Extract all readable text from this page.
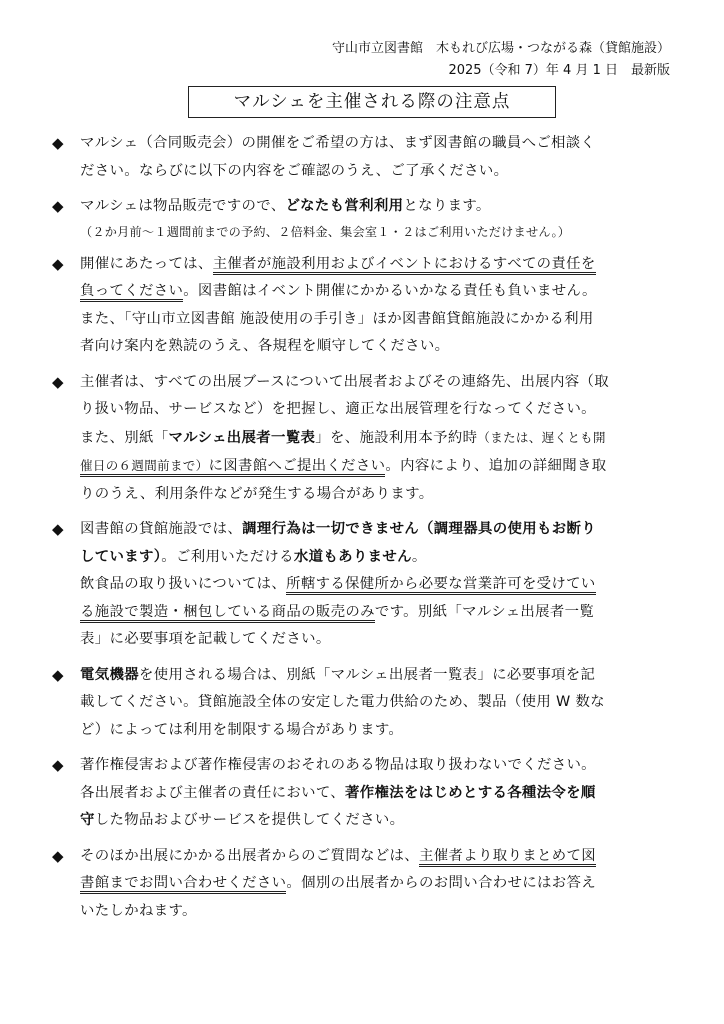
守山市立図書館　木もれび広場・つながる森（貸館施設）
2025（令和 7）年 4 月 1 日　最新版
マルシェを主催される際の注意点
◆ マルシェ（合同販売会）の開催をご希望の方は、まず図書館の職員へご相談く
ださい。ならびに以下の内容をご確認のうえ、ご了承ください。
◆ マルシェは物品販売ですので、どなたも営利利用となります。
（２か月前～１週間前までの予約、２倍料金、集会室１・２はご利用いただけません。）
◆ 開催にあたっては、主催者が施設利用およびイベントにおけるすべての責任を
負ってください。図書館はイベント開催にかかるいかなる責任も負いません。
また、「守山市立図書館 施設使用の手引き」ほか図書館貸館施設にかかる利用
者向け案内を熟読のうえ、各規程を順守してください。
◆ 主催者は、すべての出展ブースについて出展者およびその連絡先、出展内容（取
り扱い物品、サービスなど）を把握し、適正な出展管理を行なってください。
また、別紙「マルシェ出展者一覧表」を、施設利用本予約時（または、遅くとも開
催日の６週間前まで）に図書館へご提出ください。内容により、追加の詳細聞き取
りのうえ、利用条件などが発生する場合があります。
◆ 図書館の貸館施設では、調理行為は一切できません（調理器具の使用もお断り
しています）。ご利用いただける水道もありません。
飲食品の取り扱いについては、所轄する保健所から必要な営業許可を受けてい
る施設で製造・梱包している商品の販売のみです。別紙「マルシェ出展者一覧
表」に必要事項を記載してください。
◆ 電気機器を使用される場合は、別紙「マルシェ出展者一覧表」に必要事項を記
載してください。貸館施設全体の安定した電力供給のため、製品（使用 W 数な
ど）によっては利用を制限する場合があります。
◆ 著作権侵害および著作権侵害のおそれのある物品は取り扱わないでください。
各出展者および主催者の責任において、著作権法をはじめとする各種法令を順
守した物品およびサービスを提供してください。
◆ そのほか出展にかかる出展者からのご質問などは、主催者より取りまとめて図
書館までお問い合わせください。個別の出展者からのお問い合わせにはお答え
いたしかねます。
